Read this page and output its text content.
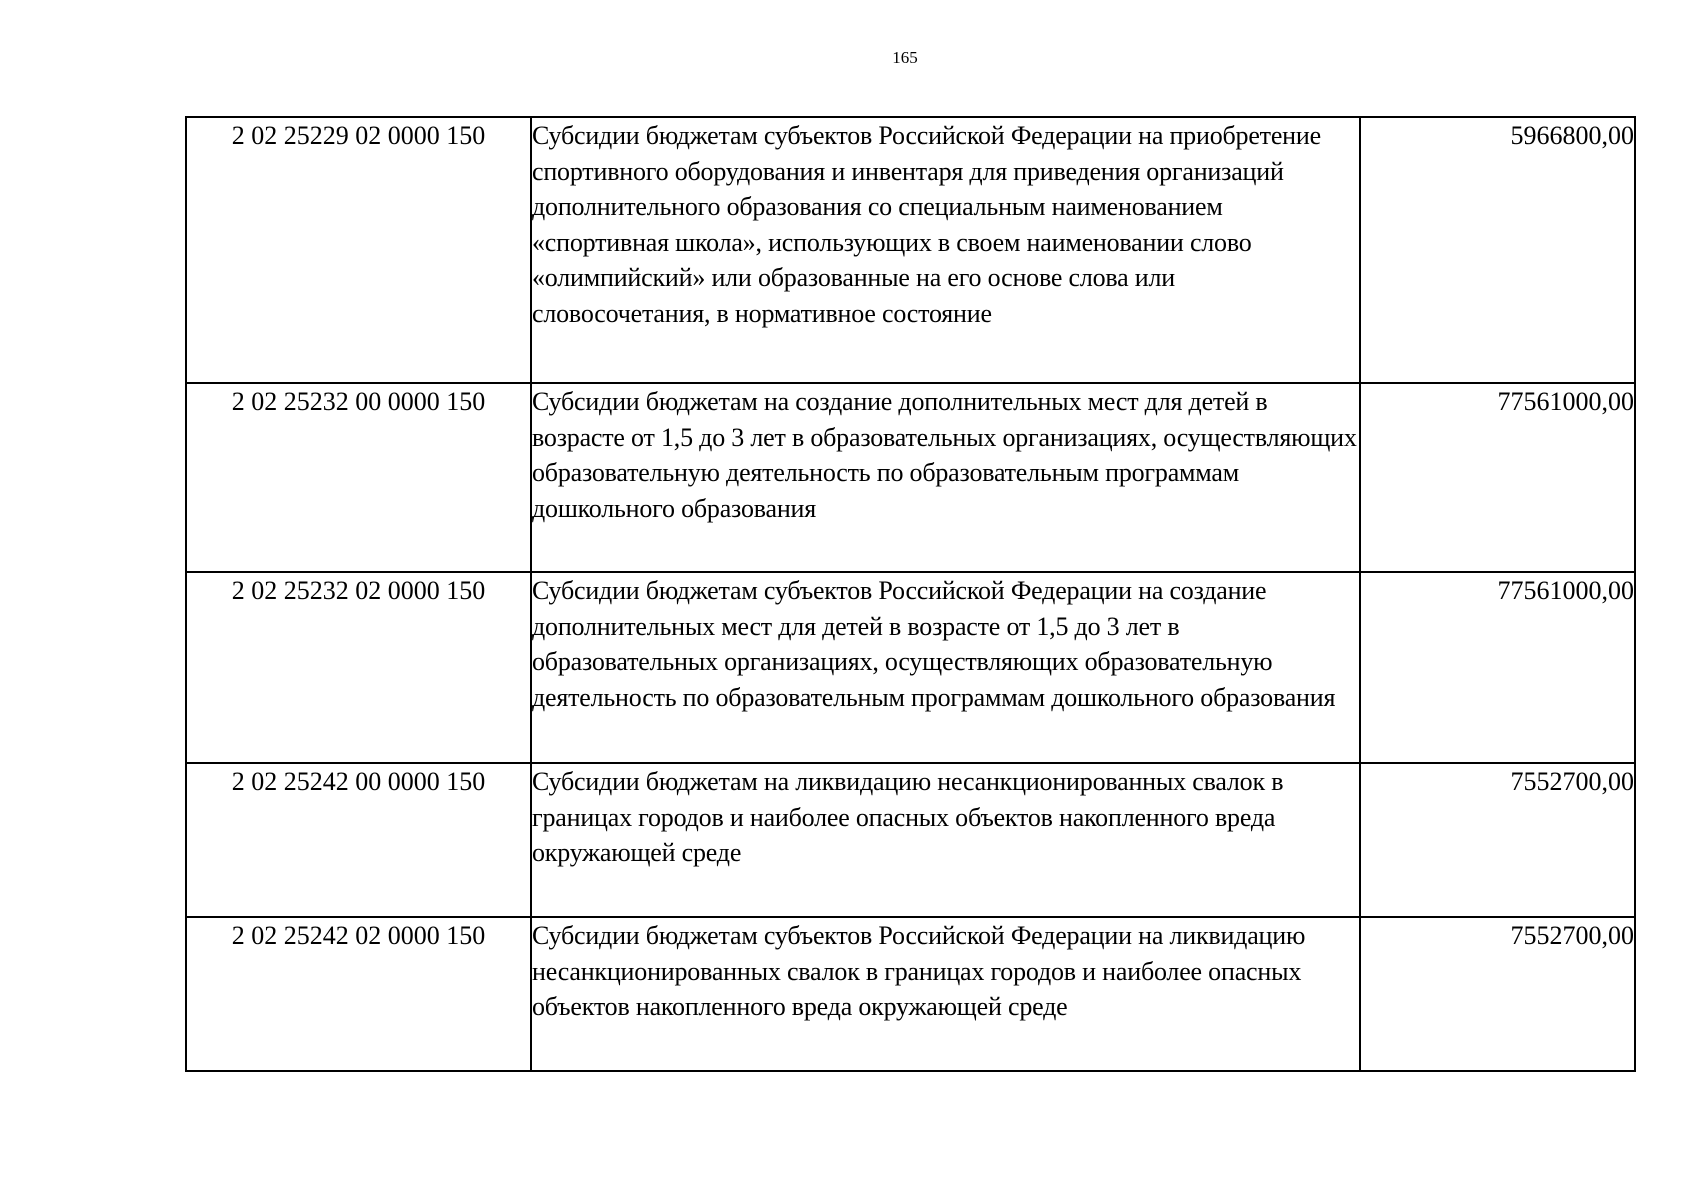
165
2 02 25229 02 0000 150	Субсидии бюджетам субъектов Российской Федерации на приобретение спортивного оборудования и инвентаря для приведения организаций дополнительного образования со специальным наименованием «спортивная школа», использующих в своем наименовании слово «олимпийский» или образованные на его основе слова или словосочетания, в нормативное состояние	5966800,00
2 02 25232 00 0000 150	Субсидии бюджетам на создание дополнительных мест для детей в возрасте от 1,5 до 3 лет в образовательных организациях, осуществляющих образовательную деятельность по образовательным программам дошкольного образования	77561000,00
2 02 25232 02 0000 150	Субсидии бюджетам субъектов Российской Федерации на создание дополнительных мест для детей в возрасте от 1,5 до 3 лет в образовательных организациях, осуществляющих образовательную деятельность по образовательным программам дошкольного образования	77561000,00
2 02 25242 00 0000 150	Субсидии бюджетам на ликвидацию несанкционированных свалок в границах городов и наиболее опасных объектов накопленного вреда окружающей среде	7552700,00
2 02 25242 02 0000 150	Субсидии бюджетам субъектов Российской Федерации на ликвидацию несанкционированных свалок в границах городов и наиболее опасных объектов накопленного вреда окружающей среде	7552700,00
